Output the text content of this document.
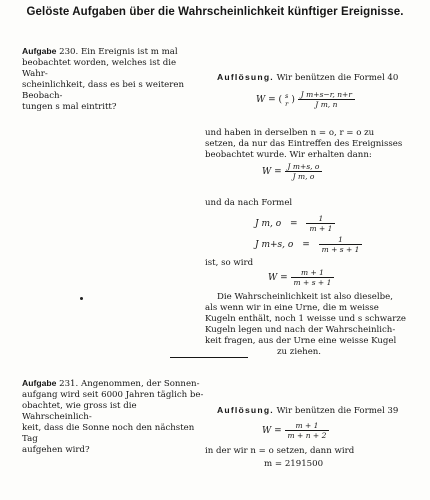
Gelöste Aufgaben über die Wahrscheinlichkeit künftiger Ereignisse.
Aufgabe 230. Ein Ereignis ist m mal
beobachtet worden, welches ist die Wahr-
scheinlichkeit, dass es bei s weiteren Beobach-
tungen s mal eintritt?
Auflösung. Wir benützen die Formel 40
W = ( s
r ) $\frac{\text{J m+s−r, n+r}}{\text{J m, n}}$
und haben in derselben n = o, r = o zu
setzen, da nur das Eintreffen des Ereignisses
beobachtet wurde. Wir erhalten dann:
$W = \frac{\text{J m+s, o}}{\text{J m, o}}$
und da nach Formel
J m, $o = \frac{1}{m + 1}$
J m+s, $o = \frac{1}{m + s + 1}$
ist, so wird
$W = \frac{m + 1}{m + s + 1}$
Die Wahrscheinlichkeit ist also dieselbe,
als wenn wir in eine Urne, die m weisse
Kugeln enthält, noch 1 weisse und s schwarze
Kugeln legen und nach der Wahrscheinlich-
keit fragen, aus der Urne eine weisse Kugel
zu ziehen.
Aufgabe 231. Angenommen, der Sonnen-
aufgang wird seit 6000 Jahren täglich be-
obachtet, wie gross ist die Wahrscheinlich-
keit, dass die Sonne noch den nächsten Tag
aufgehen wird?
Auflösung. Wir benützen die Formel 39
$W = \frac{m + 1}{m + n + 2}$
in der wir n = o setzen, dann wird
m = 2191500
